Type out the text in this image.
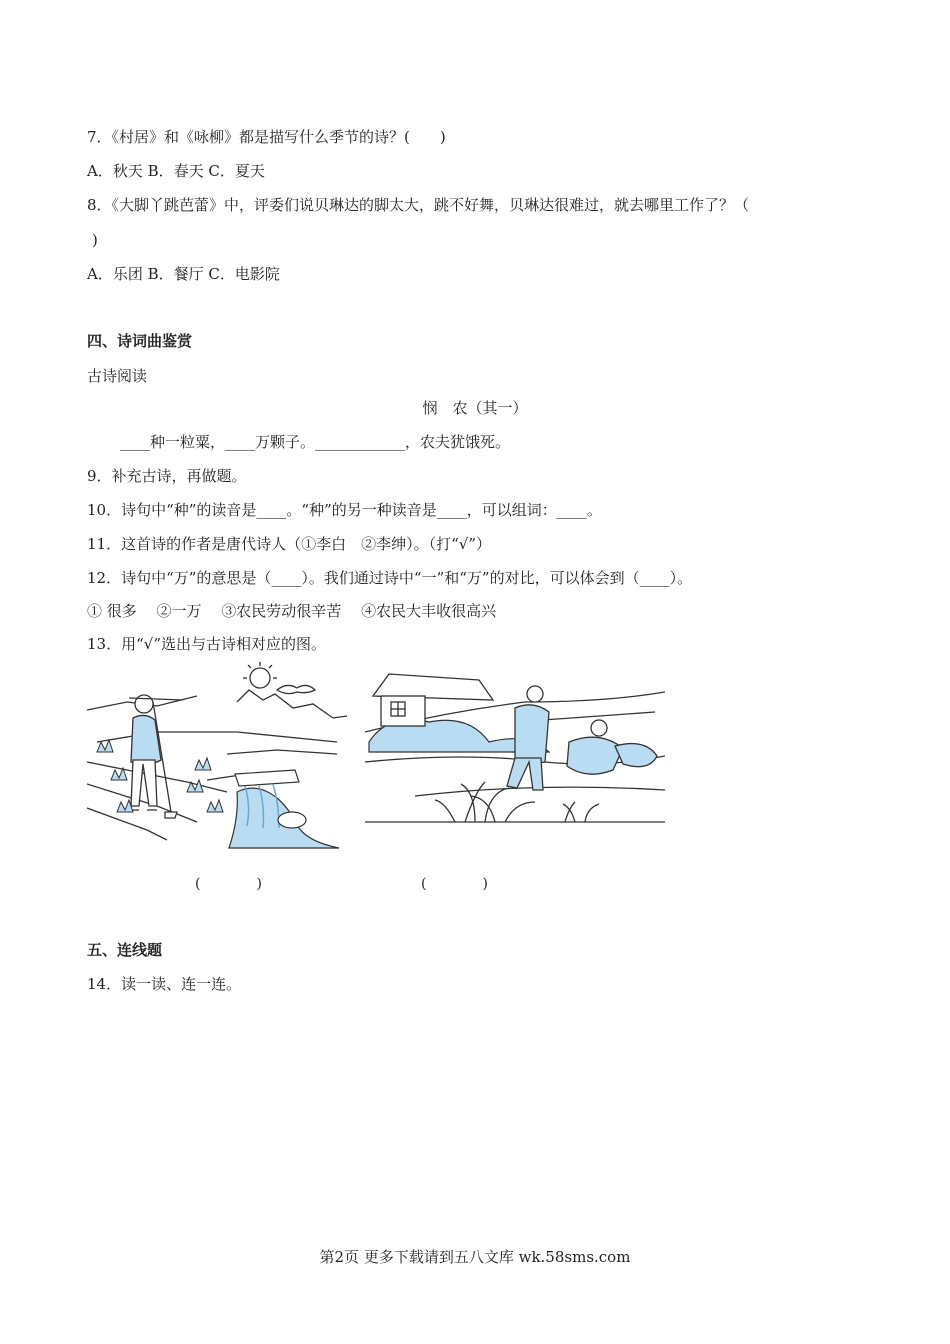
7．《村居》和《咏柳》都是描写什么季节的诗？(　　)
A．秋天 B．春天 C．夏天
8．《大脚丫跳芭蕾》中，评委们说贝琳达的脚太大，跳不好舞，贝琳达很难过，就去哪里工作了？（
)
A．乐团 B．餐厅 C．电影院
四、诗词曲鉴赏
古诗阅读
悯　农（其一）
____种一粒粟，____万颗子。____________，农夫犹饿死。
9．补充古诗，再做题。
10．诗句中“种”的读音是____。“种”的另一种读音是____，可以组词：____。
11．这首诗的作者是唐代诗人（①李白　②李绅）。（打“√”）
12．诗句中“万”的意思是（____）。我们通过诗中“一”和“万”的对比，可以体会到（____）。
① 很多　 ②一万　 ③农民劳动很辛苦　 ④农民大丰收很高兴
13．用“√”选出与古诗相对应的图。
(　　　　)	(　　　　)
五、连线题
14．读一读、连一连。
第2页 更多下载请到五八文库 wk.58sms.com
